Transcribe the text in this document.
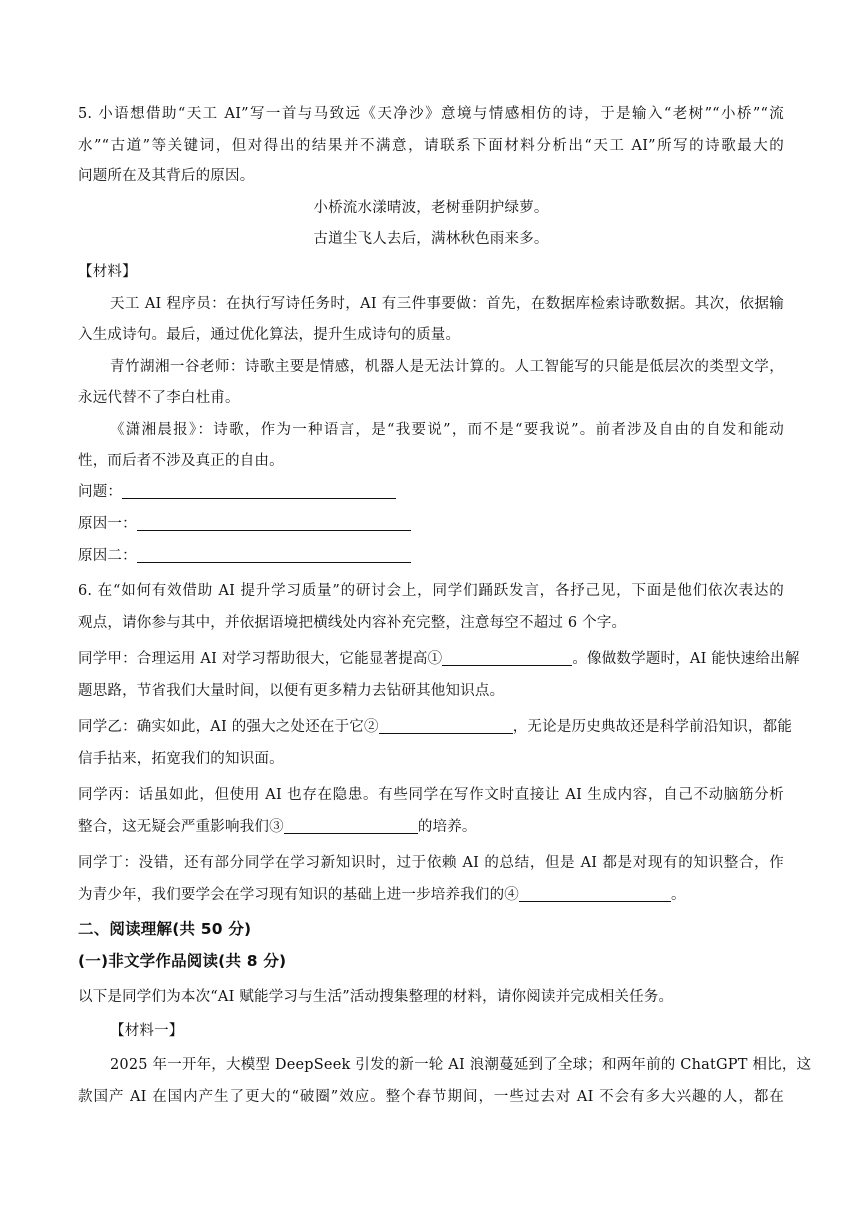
5. 小语想借助“天工 AI”写一首与马致远《天净沙》意境与情感相仿的诗，于是输入“老树”“小桥”“流
水”“古道”等关键词，但对得出的结果并不满意，请联系下面材料分析出“天工 AI”所写的诗歌最大的
问题所在及其背后的原因。
小桥流水漾晴波，老树垂阴护绿萝。
古道尘飞人去后，满林秋色雨来多。
【材料】
天工 AI 程序员：在执行写诗任务时，AI 有三件事要做：首先，在数据库检索诗歌数据。其次，依据输
入生成诗句。最后，通过优化算法，提升生成诗句的质量。
青竹湖湘一谷老师：诗歌主要是情感，机器人是无法计算的。人工智能写的只能是低层次的类型文学，
永远代替不了李白杜甫。
《潇湘晨报》：诗歌，作为一种语言，是“我要说”，而不是“要我说”。前者涉及自由的自发和能动
性，而后者不涉及真正的自由。
问题：
原因一：
原因二：
6. 在“如何有效借助 AI 提升学习质量”的研讨会上，同学们踊跃发言，各抒己见，下面是他们依次表达的
观点，请你参与其中，并依据语境把横线处内容补充完整，注意每空不超过 6 个字。
同学甲：合理运用 AI 对学习帮助很大，它能显著提高①	。像做数学题时，AI 能快速给出解
题思路，节省我们大量时间，以便有更多精力去钻研其他知识点。
同学乙：确实如此，AI 的强大之处还在于它②	，无论是历史典故还是科学前沿知识，都能
信手拈来，拓宽我们的知识面。
同学丙：话虽如此，但使用 AI 也存在隐患。有些同学在写作文时直接让 AI 生成内容，自己不动脑筋分析
整合，这无疑会严重影响我们③	的培养。
同学丁：没错，还有部分同学在学习新知识时，过于依赖 AI 的总结，但是 AI 都是对现有的知识整合，作
为青少年，我们要学会在学习现有知识的基础上进一步培养我们的④	。
二、阅读理解(共 50 分)
(一)非文学作品阅读(共 8 分)
以下是同学们为本次“AI 赋能学习与生活”活动搜集整理的材料，请你阅读并完成相关任务。
【材料一】
2025 年一开年，大模型 DeepSeek 引发的新一轮 AI 浪潮蔓延到了全球；和两年前的 ChatGPT 相比，这
款国产 AI 在国内产生了更大的“破圈”效应。整个春节期间，一些过去对 AI 不会有多大兴趣的人，都在
